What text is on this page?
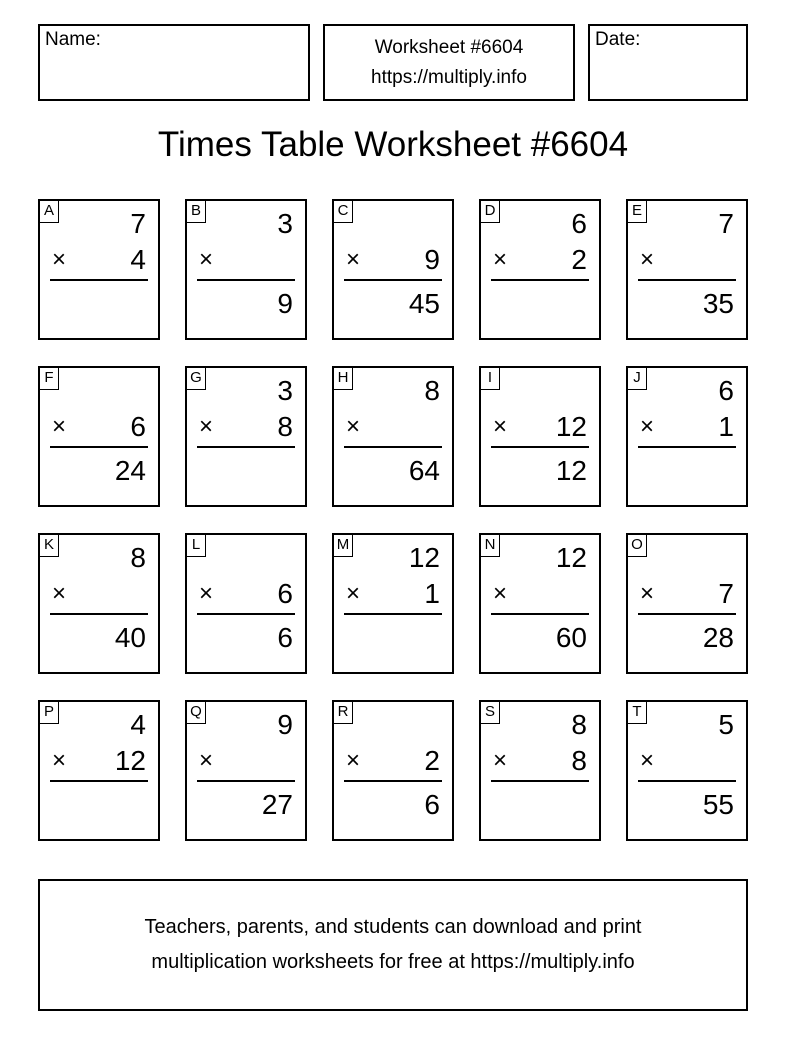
Name:	Worksheet #6604
https://multiply.info
Date:
Times Table Worksheet #6604
A	7
× 4
B	3
×
9
C
× 9
45
D	6
× 2
E	7
×
35
F
× 6
24
G	3
× 8
H	8
×
64
I
× 12
12
J	6
× 1
K	8
×
40
L
× 6
6
M 12
× 1
N 12
×
60
O
× 7
28
P	4
× 12
Q	9
×
27
R
× 2
6
S	8
× 8
T	5
×
55
Teachers, parents, and students can download and print
multiplication worksheets for free at https://multiply.info
